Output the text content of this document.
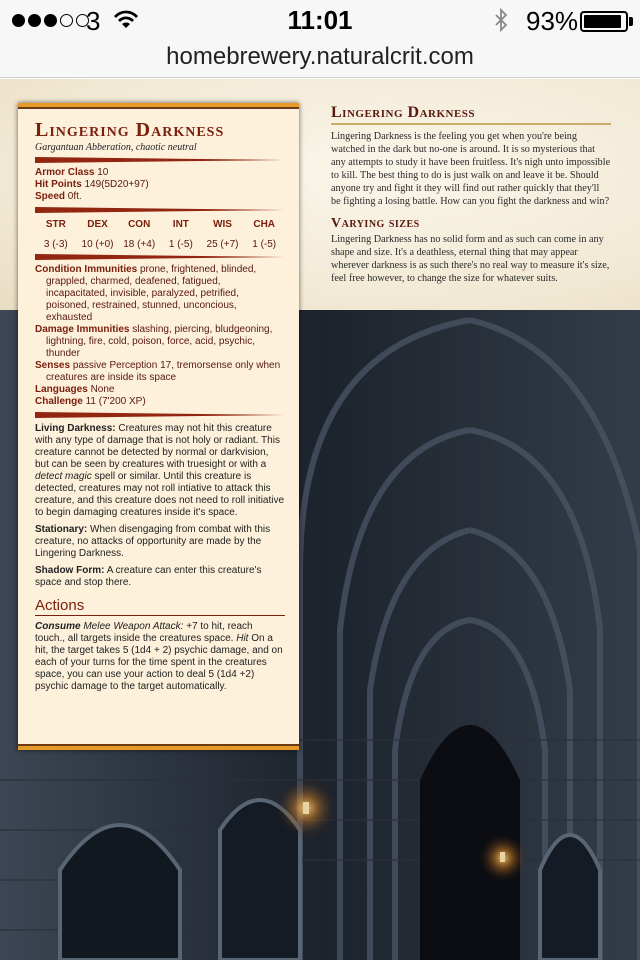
3	11:01	93%
homebrewery.naturalcrit.com
Lingering Darkness

Lingering Darkness is the feeling you get when you're being watched in the dark but no-one is around. It is so mysterious that any attempts to study it have been fruitless. It's nigh unto impossible to kill. The best thing to do is just walk on and leave it be. Should anyone try and fight it they will find out rather quickly that they'll be fighting a losing battle. How can you fight the darkness and win?

Varying sizes

Lingering Darkness has no solid form and as such can come in any shape and size. It's a deathless, eternal thing that may appear wherever darkness is as such there's no real way to measure it's size, feel free however, to change the size for whatever suits.

Lingering Darkness
Gargantuan Abberation, chaotic neutral
Armor Class 10
Hit Points 149(5D20+97)
Speed 0ft.
STR
3 (-3)
DEX
10 (+0)
CON
18 (+4)
INT
1 (-5)
WIS
25 (+7)
CHA
1 (-5)
Condition Immunities prone, frightened, blinded, grappled, charmed, deafened, fatigued, incapacitated, invisible, paralyzed, petrified, poisoned, restrained, stunned, unconcious, exhausted
Damage Immunities slashing, piercing, bludgeoning, lightning, fire, cold, poison, force, acid, psychic, thunder
Senses passive Perception 17, tremorsense only when creatures are inside its space
Languages None
Challenge 11 (7'200 XP)

Living Darkness: Creatures may not hit this creature with any type of damage that is not holy or radiant. This creature cannot be detected by normal or darkvision, but can be seen by creatures with truesight or with a detect magic spell or similar. Until this creature is detected, creatures may not roll intiative to attack this creature, and this creature does not need to roll initiative to begin damaging creatures inside it's space.

Stationary: When disengaging from combat with this creature, no attacks of opportunity are made by the Lingering Darkness.

Shadow Form: A creature can enter this creature's space and stop there.

Actions

Consume Melee Weapon Attack: +7 to hit, reach touch., all targets inside the creatures space. Hit On a hit, the target takes 5 (1d4 + 2) psychic damage, and on each of your turns for the time spent in the creatures space, you can use your action to deal 5 (1d4 +2) psychic damage to the target automatically.
